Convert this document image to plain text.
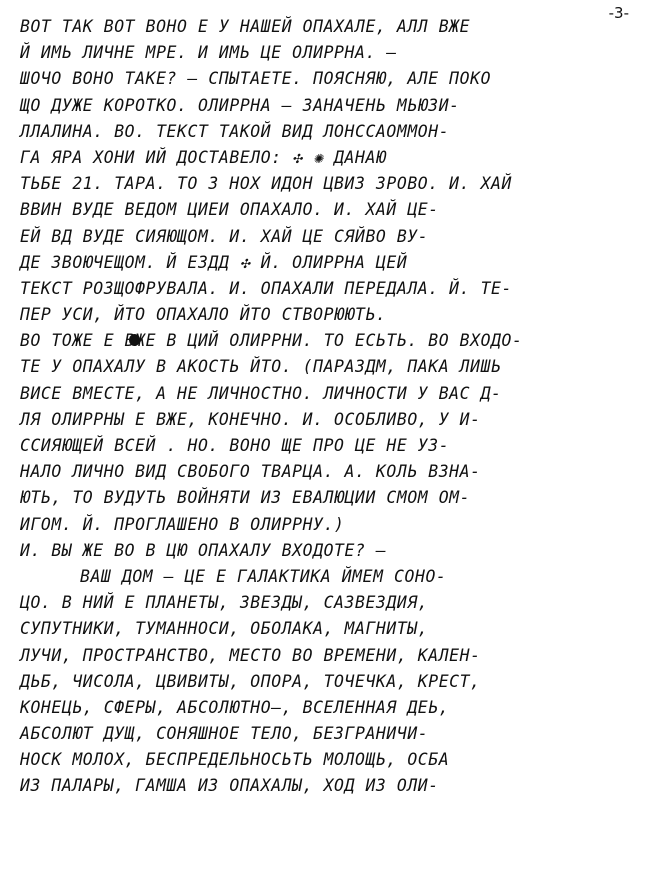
-3-
ВОТ ТАК ВОТ ВОНО Е У НАШЕЙ ОПАХАЛЕ, АЛЛ ВЖЕ
Й ИМЬ ЛИЧНЕ МРЕ. И ИМЬ ЦЕ ОЛИРРНА. —
ШОЧО ВОНО ТАКЕ? — СПЫТАЕТЕ. ПОЯСНЯЮ, АЛЕ ПОКО
ЩО ДУЖЕ КОРОТКО. ОЛИРРНА — ЗАНАЧЕНЬ МЬЮЗИ-
ЛЛАЛИНА. ВО. ТЕКСТ ТАКОЙ ВИД ЛОНССАОММОН-
ГА ЯРА ХОНИ ИЙ ДОСТАВЕЛО: ✣ ✺ ДАНАЮ
ТЬБЕ 21. ТАРА. ТО З НОХ ИДОН ЦВИЗ ЗРОВО. И. ХАЙ
ВВИН ВУДЕ ВЕДОМ ЦИЕИ ОПАХАЛО. И. ХАЙ ЦЕ-
ЕЙ ВД ВУДЕ СИЯЮЩОМ. И. ХАЙ ЦЕ СЯЙВО ВУ-
ДЕ ЗВОЮЧЕЩОМ. Й ЕЗДД ✣ Й. ОЛИРРНА ЦЕЙ
ТЕКСТ РОЗЩОФРУВАЛА. И. ОПАХАЛИ ПЕРЕДАЛА. Й. ТЕ-
ПЕР УСИ, ЙТО ОПАХАЛО ЙТО СТВОРЮЮТЬ.
ВО ТОЖЕ Е ВЖЕ В ЦИЙ ОЛИРРНИ. ТО ЕСЬТЬ. ВО ВХОДО-
ТЕ У ОПАХАЛУ В АКОСТЬ ЙТО. (ПАРАЗДМ, ПАКА ЛИШЬ
ВИСЕ ВМЕСТЕ, А НЕ ЛИЧНОСТНО. ЛИЧНОСТИ У ВАС Д-
ЛЯ ОЛИРРНЫ Е ВЖЕ, КОНЕЧНО. И. ОСОБЛИВО, У И-
ССИЯЮЩЕЙ ВСЕЙ . НО. ВОНО ЩЕ ПРО ЦЕ НЕ УЗ-
НАЛО ЛИЧНО ВИД СВОБОГО ТВАРЦА. А. КОЛЬ ВЗНА-
ЮТЬ, ТО ВУДУТЬ ВОЙНЯТИ ИЗ ЕВАЛЮЦИИ СМОМ ОМ-
ИГОМ. Й. ПРОГЛАШЕНО В ОЛИРРНУ.)
И. ВЫ ЖЕ ВО В ЦЮ ОПАХАЛУ ВХОДОТЕ? —
ВАШ ДОМ — ЦЕ Е ГАЛАКТИКА ЙМЕМ СОНО-
ЦО. В НИЙ Е ПЛАНЕТЫ, ЗВЕЗДЫ, САЗВЕЗДИЯ,
СУПУТНИКИ, ТУМАННОСИ, ОБОЛАКА, МАГНИТЫ,
ЛУЧИ, ПРОСТРАНСТВО, МЕСТО ВО ВРЕМЕНИ, КАЛЕН-
ДЬБ, ЧИСОЛА, ЦВИВИТЫ, ОПОРА, ТОЧЕЧКА, КРЕСТ,
КОНЕЦЬ, СФЕРЫ, АБСОЛЮТНО—, ВСЕЛЕННАЯ ДЕЬ,
АБСОЛЮТ ДУЩ, СОНЯШНОЕ ТЕЛО, БЕЗГРАНИЧИ-
НОСК МОЛОХ, БЕСПРЕДЕЛЬНОСЬТЬ МОЛОЩЬ, ОСБА
ИЗ ПАЛАРЫ, ГАМША ИЗ ОПАХАЛЫ, ХОД ИЗ ОЛИ-
